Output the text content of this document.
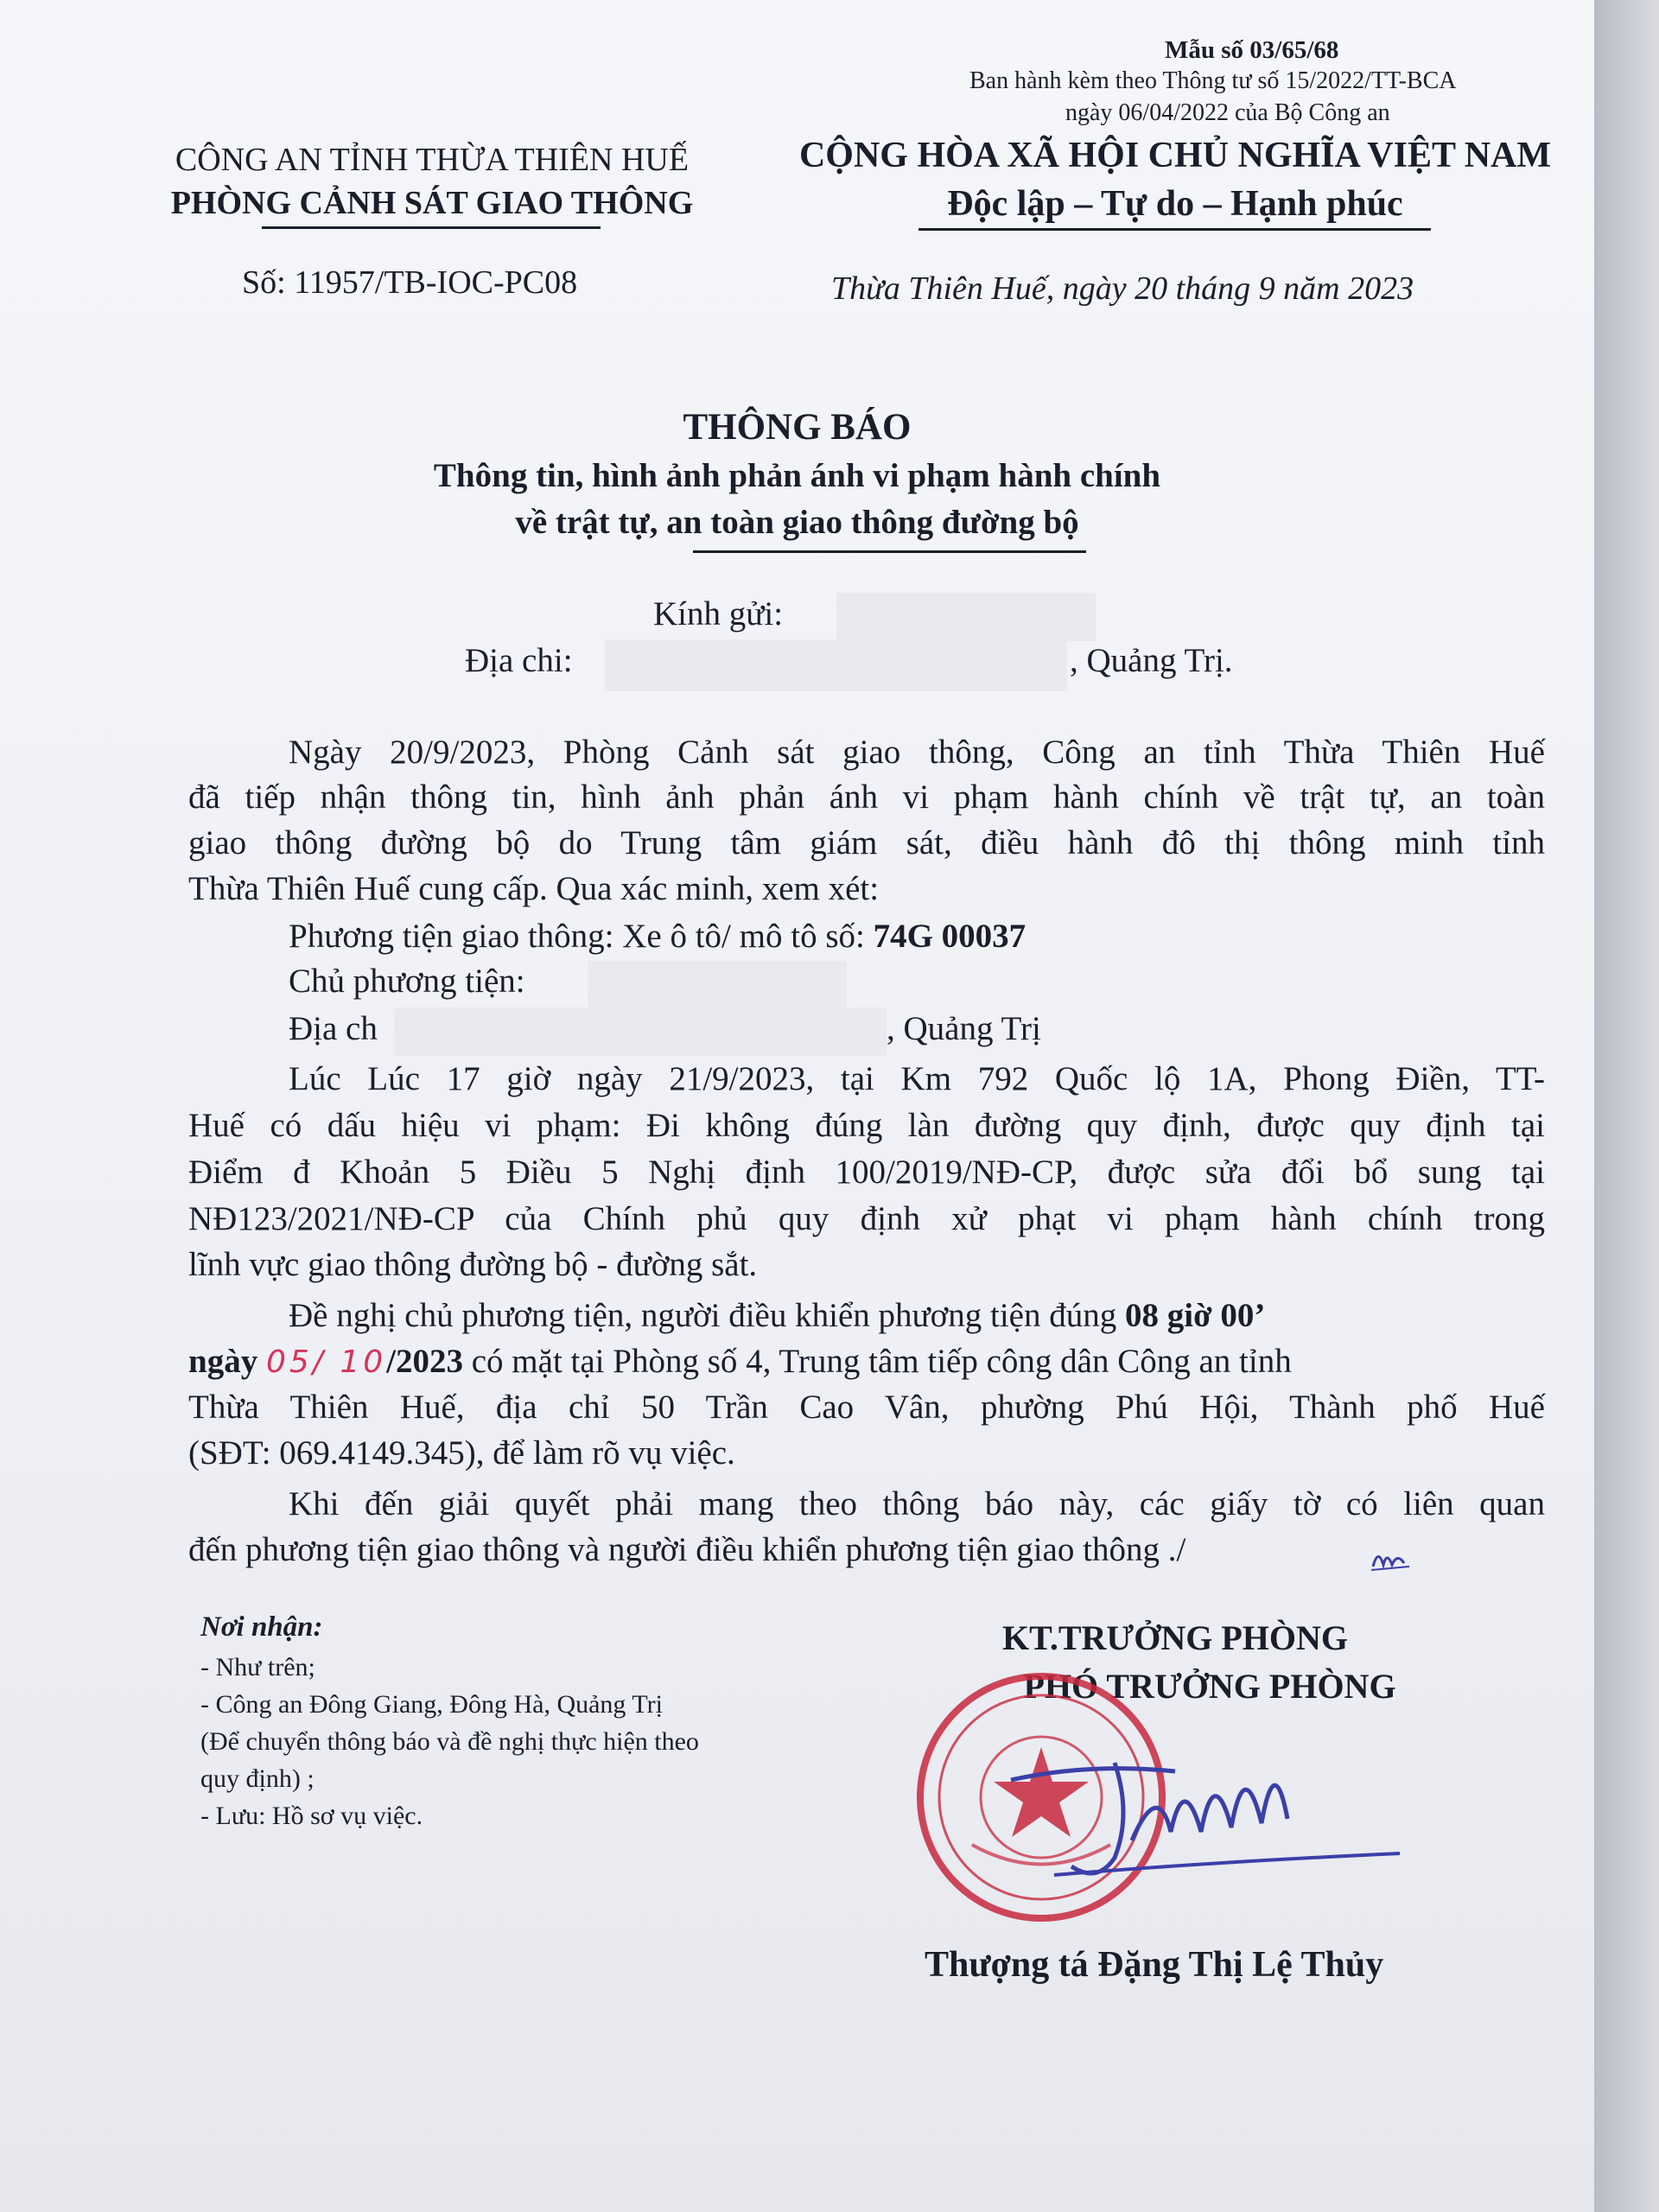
Mẫu số 03/65/68
Ban hành kèm theo Thông tư số 15/2022/TT-BCA
ngày 06/04/2022 của Bộ Công an
CÔNG AN TỈNH THỪA THIÊN HUẾ
PHÒNG CẢNH SÁT GIAO THÔNG
CỘNG HÒA XÃ HỘI CHỦ NGHĨA VIỆT NAM
Độc lập – Tự do – Hạnh phúc
Số: 11957/TB-IOC-PC08	Thừa Thiên Huế, ngày 20 tháng 9 năm 2023
THÔNG BÁO
Thông tin, hình ảnh phản ánh vi phạm hành chính
về trật tự, an toàn giao thông đường bộ
Kính gửi:
Địa chi:	, Quảng Trị.
Ngày 20/9/2023, Phòng Cảnh sát giao thông, Công an tỉnh Thừa Thiên Huế
đã tiếp nhận thông tin, hình ảnh phản ánh vi phạm hành chính về trật tự, an toàn
giao thông đường bộ do Trung tâm giám sát, điều hành đô thị thông minh tỉnh
Thừa Thiên Huế cung cấp. Qua xác minh, xem xét:
Phương tiện giao thông: Xe ô tô/ mô tô số: 74G 00037
Chủ phương tiện:
Địa ch	, Quảng Trị
Lúc Lúc 17 giờ ngày 21/9/2023, tại Km 792 Quốc lộ 1A, Phong Điền, TT-
Huế có dấu hiệu vi phạm: Đi không đúng làn đường quy định, được quy định tại
Điểm đ Khoản 5 Điều 5 Nghị định 100/2019/NĐ-CP, được sửa đổi bổ sung tại
NĐ123/2021/NĐ-CP của Chính phủ quy định xử phạt vi phạm hành chính trong
lĩnh vực giao thông đường bộ - đường sắt.
Đề nghị chủ phương tiện, người điều khiển phương tiện đúng 08 giờ 00’
ngày 05/ 10/2023 có mặt tại Phòng số 4, Trung tâm tiếp công dân Công an tỉnh
Thừa Thiên Huế, địa chỉ 50 Trần Cao Vân, phường Phú Hội, Thành phố Huế
(SĐT: 069.4149.345), để làm rõ vụ việc.
Khi đến giải quyết phải mang theo thông báo này, các giấy tờ có liên quan
đến phương tiện giao thông và người điều khiển phương tiện giao thông ./
Nơi nhận:
- Như trên;
- Công an Đông Giang, Đông Hà, Quảng Trị
(Để chuyển thông báo và đề nghị thực hiện theo
quy định) ;
- Lưu: Hồ sơ vụ việc.
KT.TRƯỞNG PHÒNG
PHÓ TRƯỞNG PHÒNG
Thượng tá Đặng Thị Lệ Thủy
